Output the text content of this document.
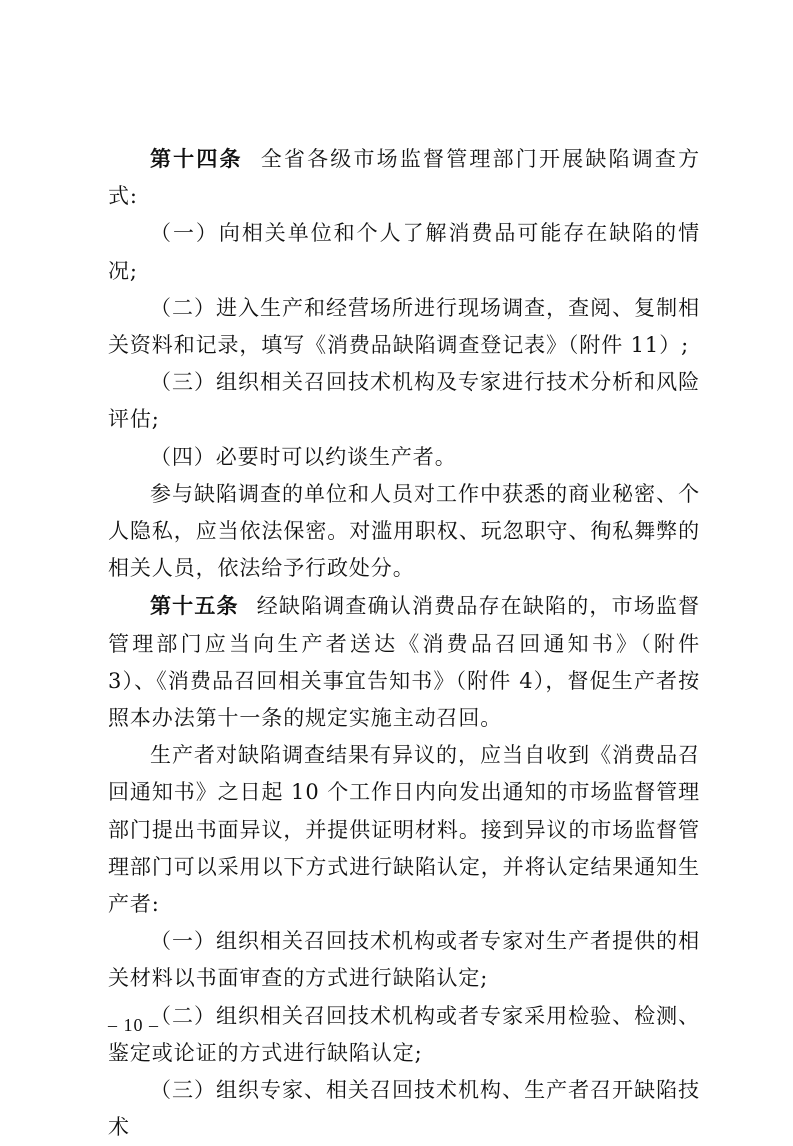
第十四条 全省各级市场监督管理部门开展缺陷调查方式:

（一）向相关单位和个人了解消费品可能存在缺陷的情况;

（二）进入生产和经营场所进行现场调查，查阅、复制相关资料和记录，填写《消费品缺陷调查登记表》（附件 11）;

（三）组织相关召回技术机构及专家进行技术分析和风险评估;

（四）必要时可以约谈生产者。

参与缺陷调查的单位和人员对工作中获悉的商业秘密、个人隐私，应当依法保密。对滥用职权、玩忽职守、徇私舞弊的相关人员，依法给予行政处分。

第十五条 经缺陷调查确认消费品存在缺陷的，市场监督管理部门应当向生产者送达《消费品召回通知书》（附件 3）、《消费品召回相关事宜告知书》（附件 4），督促生产者按照本办法第十一条的规定实施主动召回。

生产者对缺陷调查结果有异议的，应当自收到《消费品召回通知书》之日起 10 个工作日内向发出通知的市场监督管理部门提出书面异议，并提供证明材料。接到异议的市场监督管理部门可以采用以下方式进行缺陷认定，并将认定结果通知生产者:

（一）组织相关召回技术机构或者专家对生产者提供的相关材料以书面审查的方式进行缺陷认定;

（二）组织相关召回技术机构或者专家采用检验、检测、鉴定或论证的方式进行缺陷认定;

（三）组织专家、相关召回技术机构、生产者召开缺陷技术

– 10 –
